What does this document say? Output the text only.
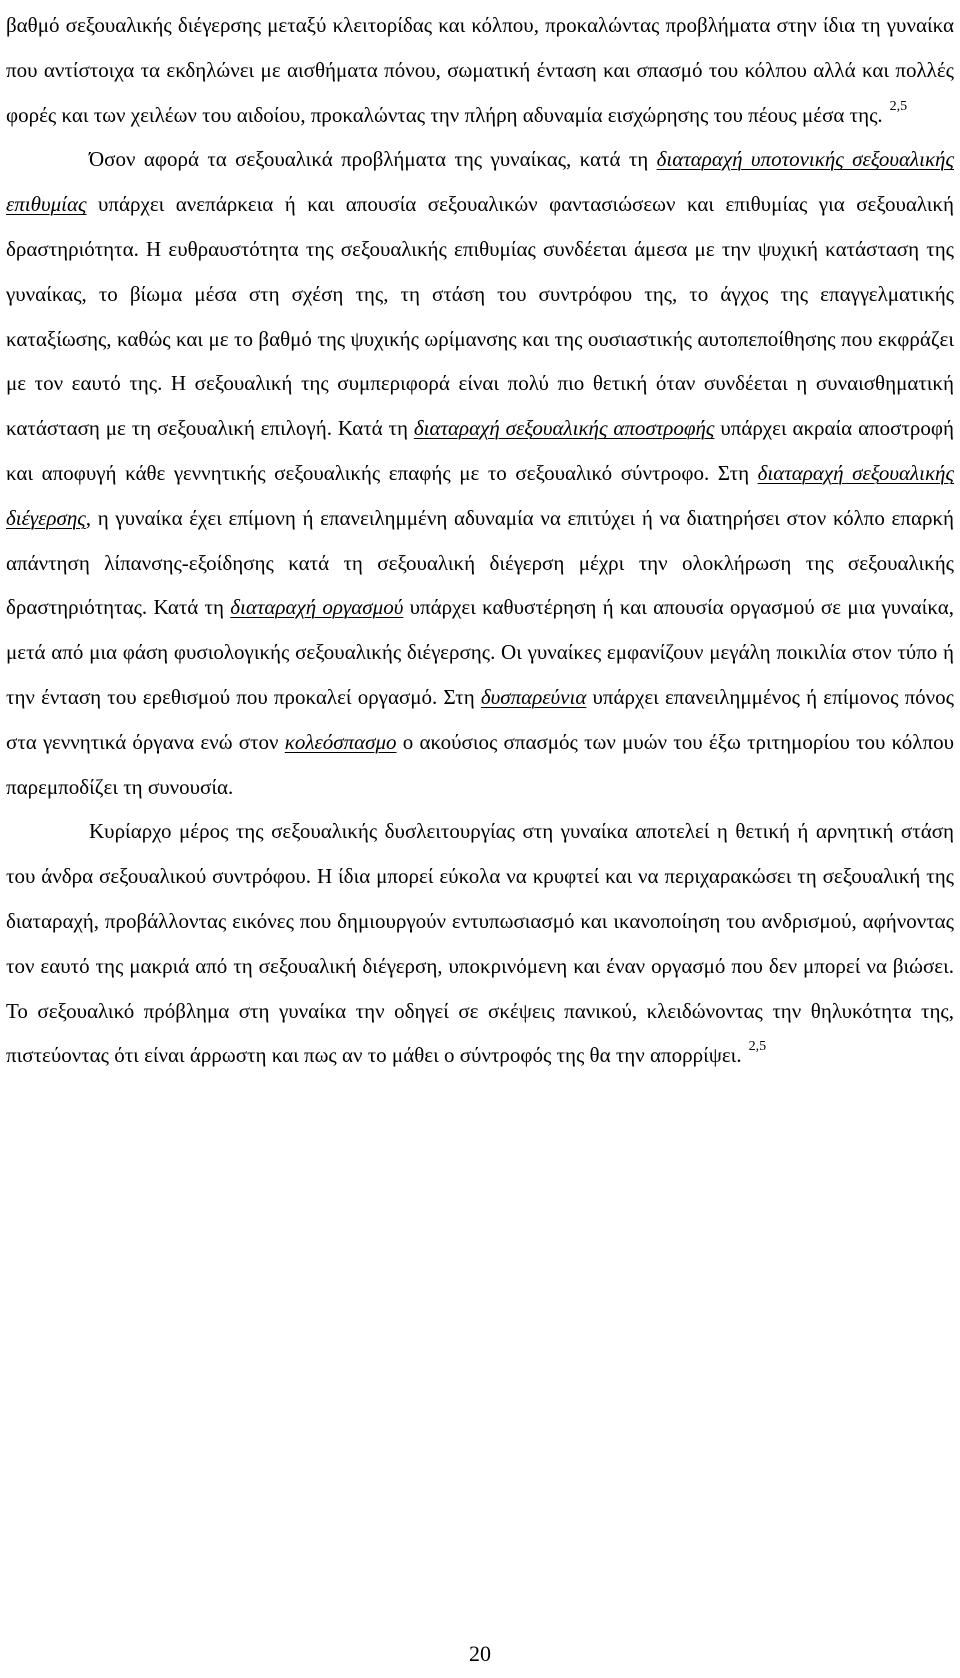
βαθμό σεξουαλικής διέγερσης μεταξύ κλειτορίδας και κόλπου, προκαλώντας προβλήματα στην ίδια τη γυναίκα που αντίστοιχα τα εκδηλώνει με αισθήματα πόνου, σωματική ένταση και σπασμό του κόλπου αλλά και πολλές φορές και των χειλέων του αιδοίου, προκαλώντας την πλήρη αδυναμία εισχώρησης του πέους μέσα της. $^{2,5}$

Όσον αφορά τα σεξουαλικά προβλήματα της γυναίκας, κατά τη διαταραχή υποτονικής σεξουαλικής επιθυμίας υπάρχει ανεπάρκεια ή και απουσία σεξουαλικών φαντασιώσεων και επιθυμίας για σεξουαλική δραστηριότητα. Η ευθραυστότητα της σεξουαλικής επιθυμίας συνδέεται άμεσα με την ψυχική κατάσταση της γυναίκας, το βίωμα μέσα στη σχέση της, τη στάση του συντρόφου της, το άγχος της επαγγελματικής καταξίωσης, καθώς και με το βαθμό της ψυχικής ωρίμανσης και της ουσιαστικής αυτοπεποίθησης που εκφράζει με τον εαυτό της. Η σεξουαλική της συμπεριφορά είναι πολύ πιο θετική όταν συνδέεται η συναισθηματική κατάσταση με τη σεξουαλική επιλογή. Κατά τη διαταραχή σεξουαλικής αποστροφής υπάρχει ακραία αποστροφή και αποφυγή κάθε γεννητικής σεξουαλικής επαφής με το σεξουαλικό σύντροφο. Στη διαταραχή σεξουαλικής διέγερσης, η γυναίκα έχει επίμονη ή επανειλημμένη αδυναμία να επιτύχει ή να διατηρήσει στον κόλπο επαρκή απάντηση λίπανσης-εξοίδησης κατά τη σεξουαλική διέγερση μέχρι την ολοκλήρωση της σεξουαλικής δραστηριότητας. Κατά τη διαταραχή οργασμού υπάρχει καθυστέρηση ή και απουσία οργασμού σε μια γυναίκα, μετά από μια φάση φυσιολογικής σεξουαλικής διέγερσης. Οι γυναίκες εμφανίζουν μεγάλη ποικιλία στον τύπο ή την ένταση του ερεθισμού που προκαλεί οργασμό. Στη δυσπαρεύνια υπάρχει επανειλημμένος ή επίμονος πόνος στα γεννητικά όργανα ενώ στον κολεόσπασμο ο ακούσιος σπασμός των μυών του έξω τριτημορίου του κόλπου παρεμποδίζει τη συνουσία.

Κυρίαρχο μέρος της σεξουαλικής δυσλειτουργίας στη γυναίκα αποτελεί η θετική ή αρνητική στάση του άνδρα σεξουαλικού συντρόφου. Η ίδια μπορεί εύκολα να κρυφτεί και να περιχαρακώσει τη σεξουαλική της διαταραχή, προβάλλοντας εικόνες που δημιουργούν εντυπωσιασμό και ικανοποίηση του ανδρισμού, αφήνοντας τον εαυτό της μακριά από τη σεξουαλική διέγερση, υποκρινόμενη και έναν οργασμό που δεν μπορεί να βιώσει. Το σεξουαλικό πρόβλημα στη γυναίκα την οδηγεί σε σκέψεις πανικού, κλειδώνοντας την θηλυκότητα της, πιστεύοντας ότι είναι άρρωστη και πως αν το μάθει ο σύντροφός της θα την απορρίψει. $^{2,5}$

20
